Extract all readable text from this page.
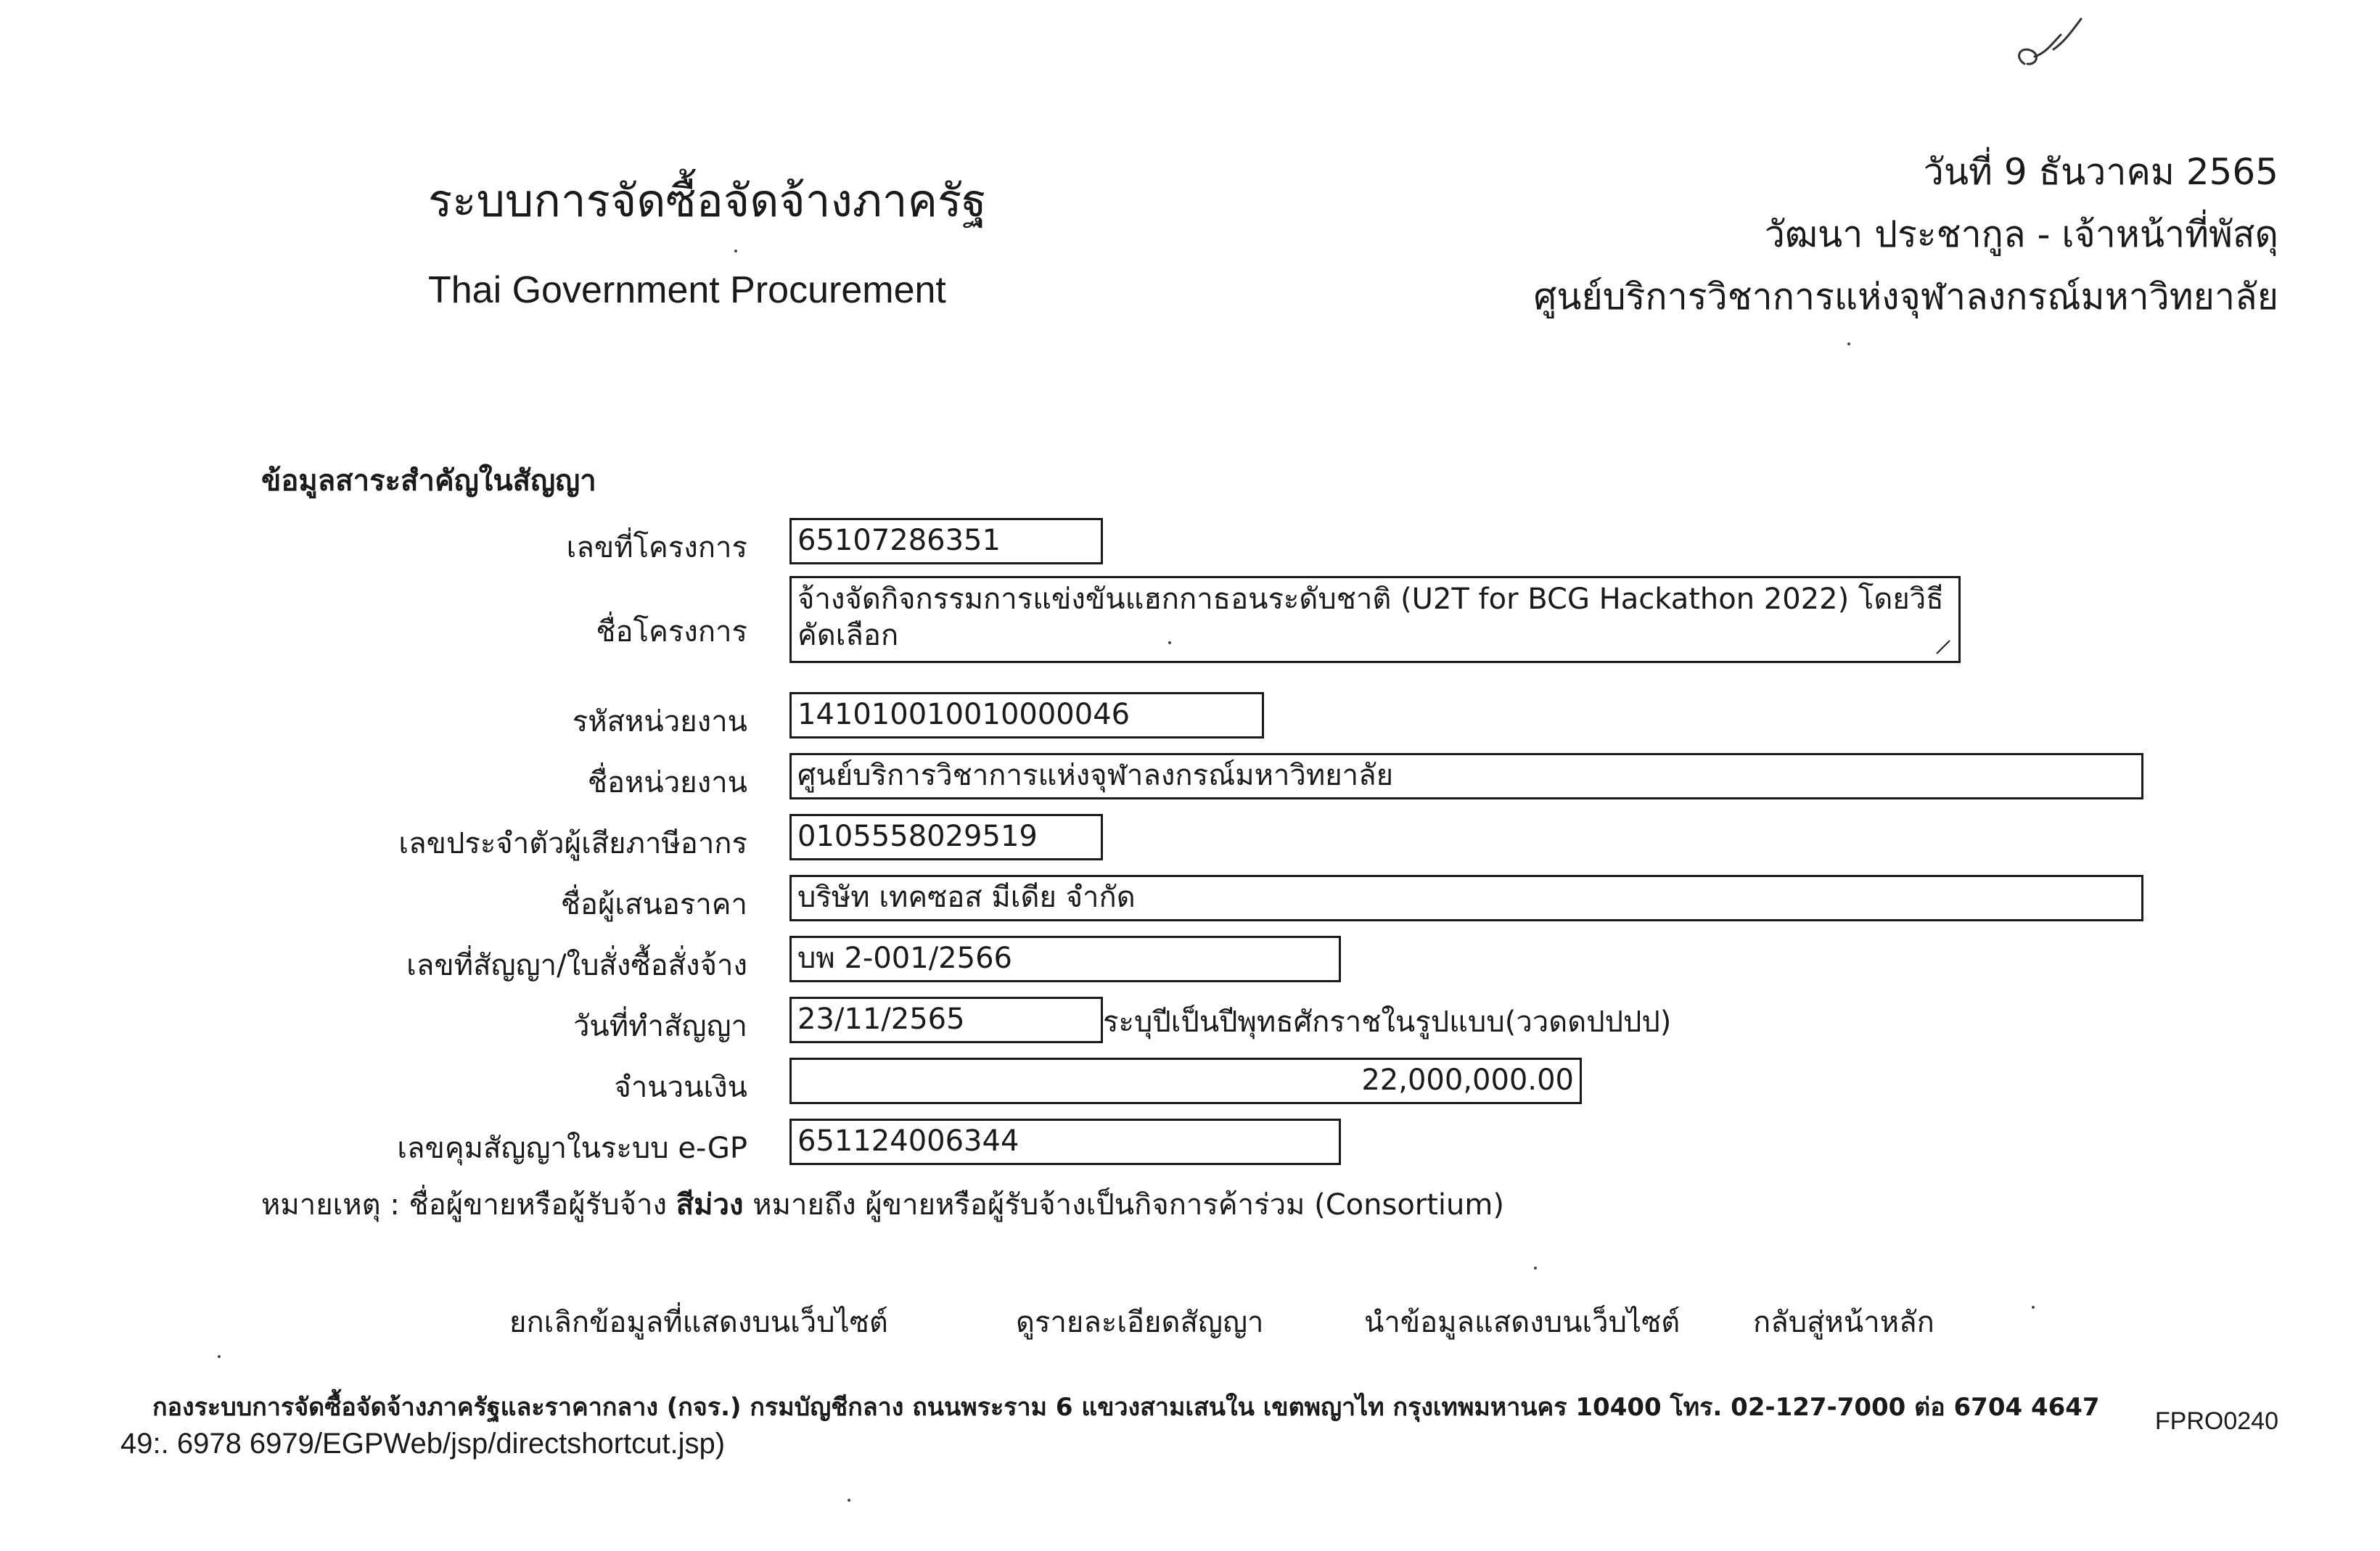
ระบบการจัดซื้อจัดจ้างภาครัฐ
Thai Government Procurement
วันที่ 9 ธันวาคม 2565
วัฒนา ประชากูล - เจ้าหน้าที่พัสดุ
ศูนย์บริการวิชาการแห่งจุฬาลงกรณ์มหาวิทยาลัย
ข้อมูลสาระสำคัญในสัญญา
เลขที่โครงการ 65107286351
ชื่อโครงการ
จ้างจัดกิจกรรมการแข่งขันแฮกกาธอนระดับชาติ (U2T for BCG Hackathon 2022) โดยวิธีคัดเลือก
รหัสหน่วยงาน 141010010010000046
ชื่อหน่วยงาน ศูนย์บริการวิชาการแห่งจุฬาลงกรณ์มหาวิทยาลัย
เลขประจำตัวผู้เสียภาษีอากร 0105558029519
ชื่อผู้เสนอราคา บริษัท เทคซอส มีเดีย จำกัด
เลขที่สัญญา/ใบสั่งซื้อสั่งจ้าง บพ 2-001/2566
วันที่ทำสัญญา 23/11/2565	ระบุปีเป็นปีพุทธศักราชในรูปแบบ(ววดดปปปป)
จำนวนเงิน	22,000,000.00
เลขคุมสัญญาในระบบ e-GP 651124006344
หมายเหตุ : ชื่อผู้ขายหรือผู้รับจ้าง สีม่วง หมายถึง ผู้ขายหรือผู้รับจ้างเป็นกิจการค้าร่วม (Consortium)
ยกเลิกข้อมูลที่แสดงบนเว็บไซต์	ดูรายละเอียดสัญญา	นำข้อมูลแสดงบนเว็บไซต์	กลับสู่หน้าหลัก
กองระบบการจัดซื้อจัดจ้างภาครัฐและราคากลาง (กจร.) กรมบัญชีกลาง ถนนพระราม 6 แขวงสามเสนใน เขตพญาไท กรุงเทพมหานคร 10400 โทร. 02-127-7000 ต่อ 6704 4647 FPRO0240
49:. 6978 6979/EGPWeb/jsp/directshortcut.jsp)
